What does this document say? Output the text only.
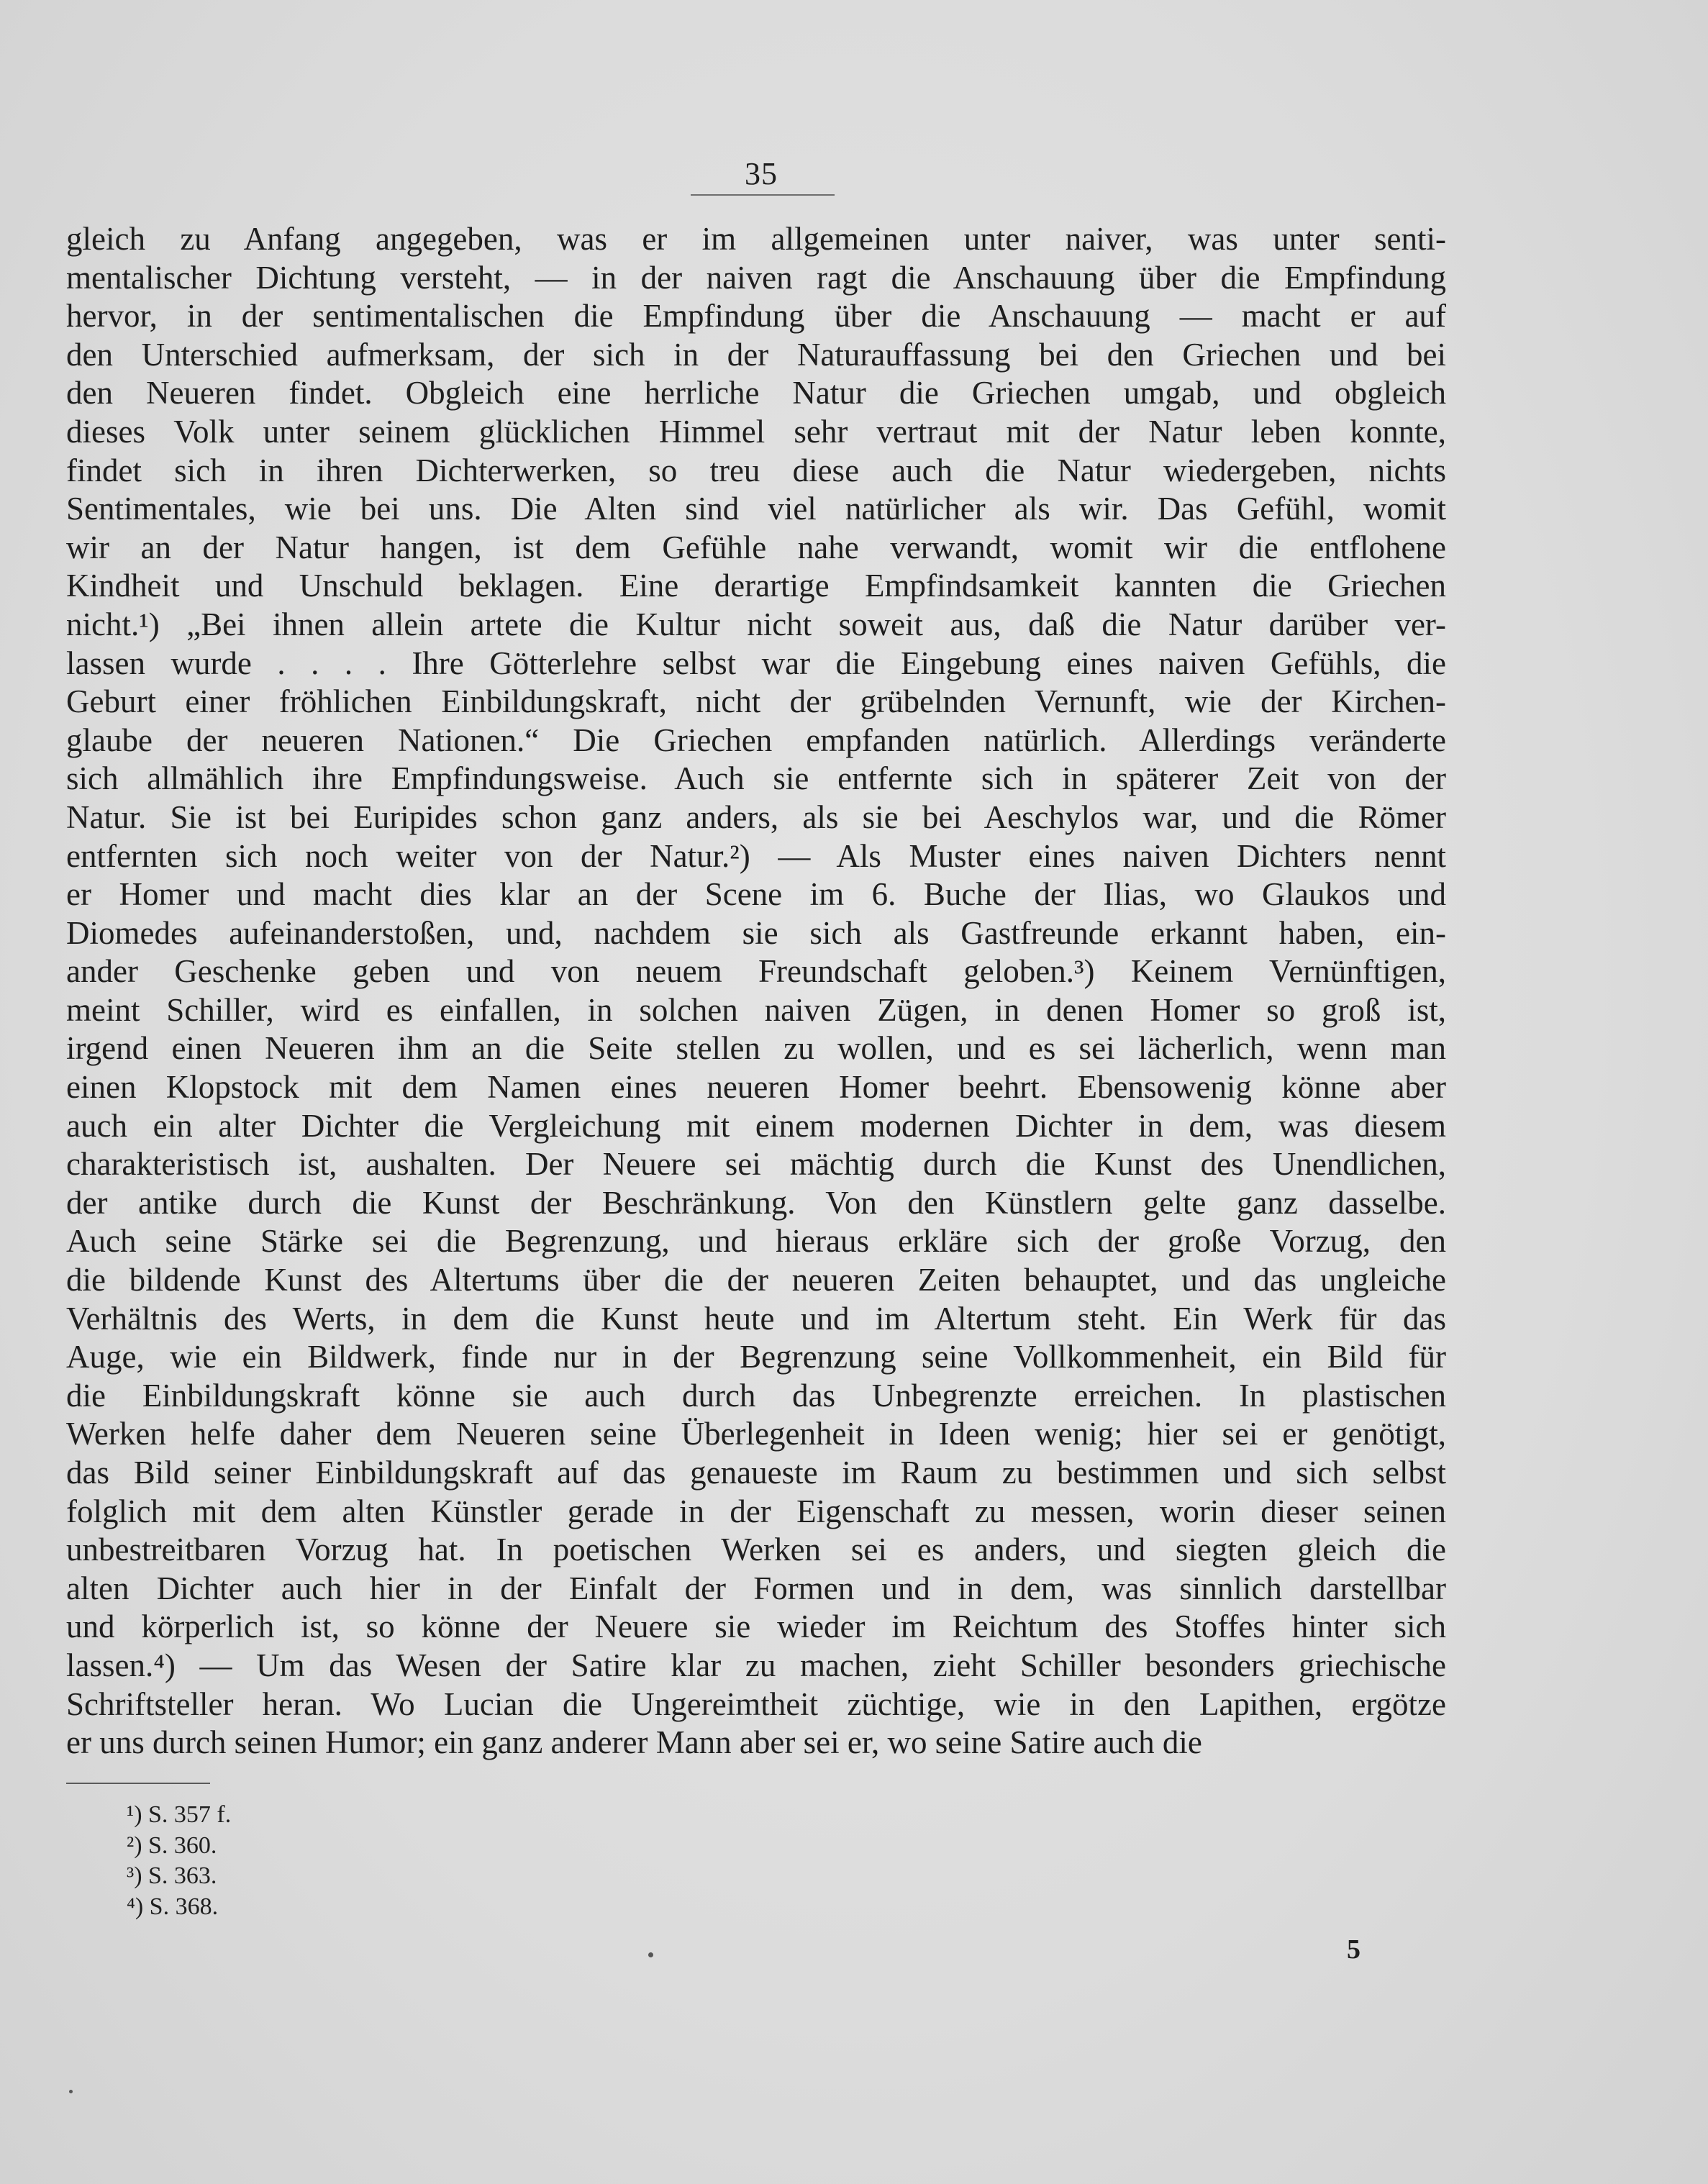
35
gleich zu Anfang angegeben, was er im allgemeinen unter naiver, was unter senti-
mentalischer Dichtung versteht, — in der naiven ragt die Anschauung über die Empfindung
hervor, in der sentimentalischen die Empfindung über die Anschauung — macht er auf
den Unterschied aufmerksam, der sich in der Naturauffassung bei den Griechen und bei
den Neueren findet. Obgleich eine herrliche Natur die Griechen umgab, und obgleich
dieses Volk unter seinem glücklichen Himmel sehr vertraut mit der Natur leben konnte,
findet sich in ihren Dichterwerken, so treu diese auch die Natur wiedergeben, nichts
Sentimentales, wie bei uns. Die Alten sind viel natürlicher als wir. Das Gefühl, womit
wir an der Natur hangen, ist dem Gefühle nahe verwandt, womit wir die entflohene
Kindheit und Unschuld beklagen. Eine derartige Empfindsamkeit kannten die Griechen
nicht.¹) „Bei ihnen allein artete die Kultur nicht soweit aus, daß die Natur darüber ver-
lassen wurde . . . . Ihre Götterlehre selbst war die Eingebung eines naiven Gefühls, die
Geburt einer fröhlichen Einbildungskraft, nicht der grübelnden Vernunft, wie der Kirchen-
glaube der neueren Nationen.“ Die Griechen empfanden natürlich. Allerdings veränderte
sich allmählich ihre Empfindungsweise. Auch sie entfernte sich in späterer Zeit von der
Natur. Sie ist bei Euripides schon ganz anders, als sie bei Aeschylos war, und die Römer
entfernten sich noch weiter von der Natur.²) — Als Muster eines naiven Dichters nennt
er Homer und macht dies klar an der Scene im 6. Buche der Ilias, wo Glaukos und
Diomedes aufeinanderstoßen, und, nachdem sie sich als Gastfreunde erkannt haben, ein-
ander Geschenke geben und von neuem Freundschaft geloben.³) Keinem Vernünftigen,
meint Schiller, wird es einfallen, in solchen naiven Zügen, in denen Homer so groß ist,
irgend einen Neueren ihm an die Seite stellen zu wollen, und es sei lächerlich, wenn man
einen Klopstock mit dem Namen eines neueren Homer beehrt. Ebensowenig könne aber
auch ein alter Dichter die Vergleichung mit einem modernen Dichter in dem, was diesem
charakteristisch ist, aushalten. Der Neuere sei mächtig durch die Kunst des Unendlichen,
der antike durch die Kunst der Beschränkung. Von den Künstlern gelte ganz dasselbe.
Auch seine Stärke sei die Begrenzung, und hieraus erkläre sich der große Vorzug, den
die bildende Kunst des Altertums über die der neueren Zeiten behauptet, und das ungleiche
Verhältnis des Werts, in dem die Kunst heute und im Altertum steht. Ein Werk für das
Auge, wie ein Bildwerk, finde nur in der Begrenzung seine Vollkommenheit, ein Bild für
die Einbildungskraft könne sie auch durch das Unbegrenzte erreichen. In plastischen
Werken helfe daher dem Neueren seine Überlegenheit in Ideen wenig; hier sei er genötigt,
das Bild seiner Einbildungskraft auf das genaueste im Raum zu bestimmen und sich selbst
folglich mit dem alten Künstler gerade in der Eigenschaft zu messen, worin dieser seinen
unbestreitbaren Vorzug hat. In poetischen Werken sei es anders, und siegten gleich die
alten Dichter auch hier in der Einfalt der Formen und in dem, was sinnlich darstellbar
und körperlich ist, so könne der Neuere sie wieder im Reichtum des Stoffes hinter sich
lassen.⁴) — Um das Wesen der Satire klar zu machen, zieht Schiller besonders griechische
Schriftsteller heran. Wo Lucian die Ungereimtheit züchtige, wie in den Lapithen, ergötze
er uns durch seinen Humor; ein ganz anderer Mann aber sei er, wo seine Satire auch die
¹) S. 357 f.
²) S. 360.
³) S. 363.
⁴) S. 368.
5
